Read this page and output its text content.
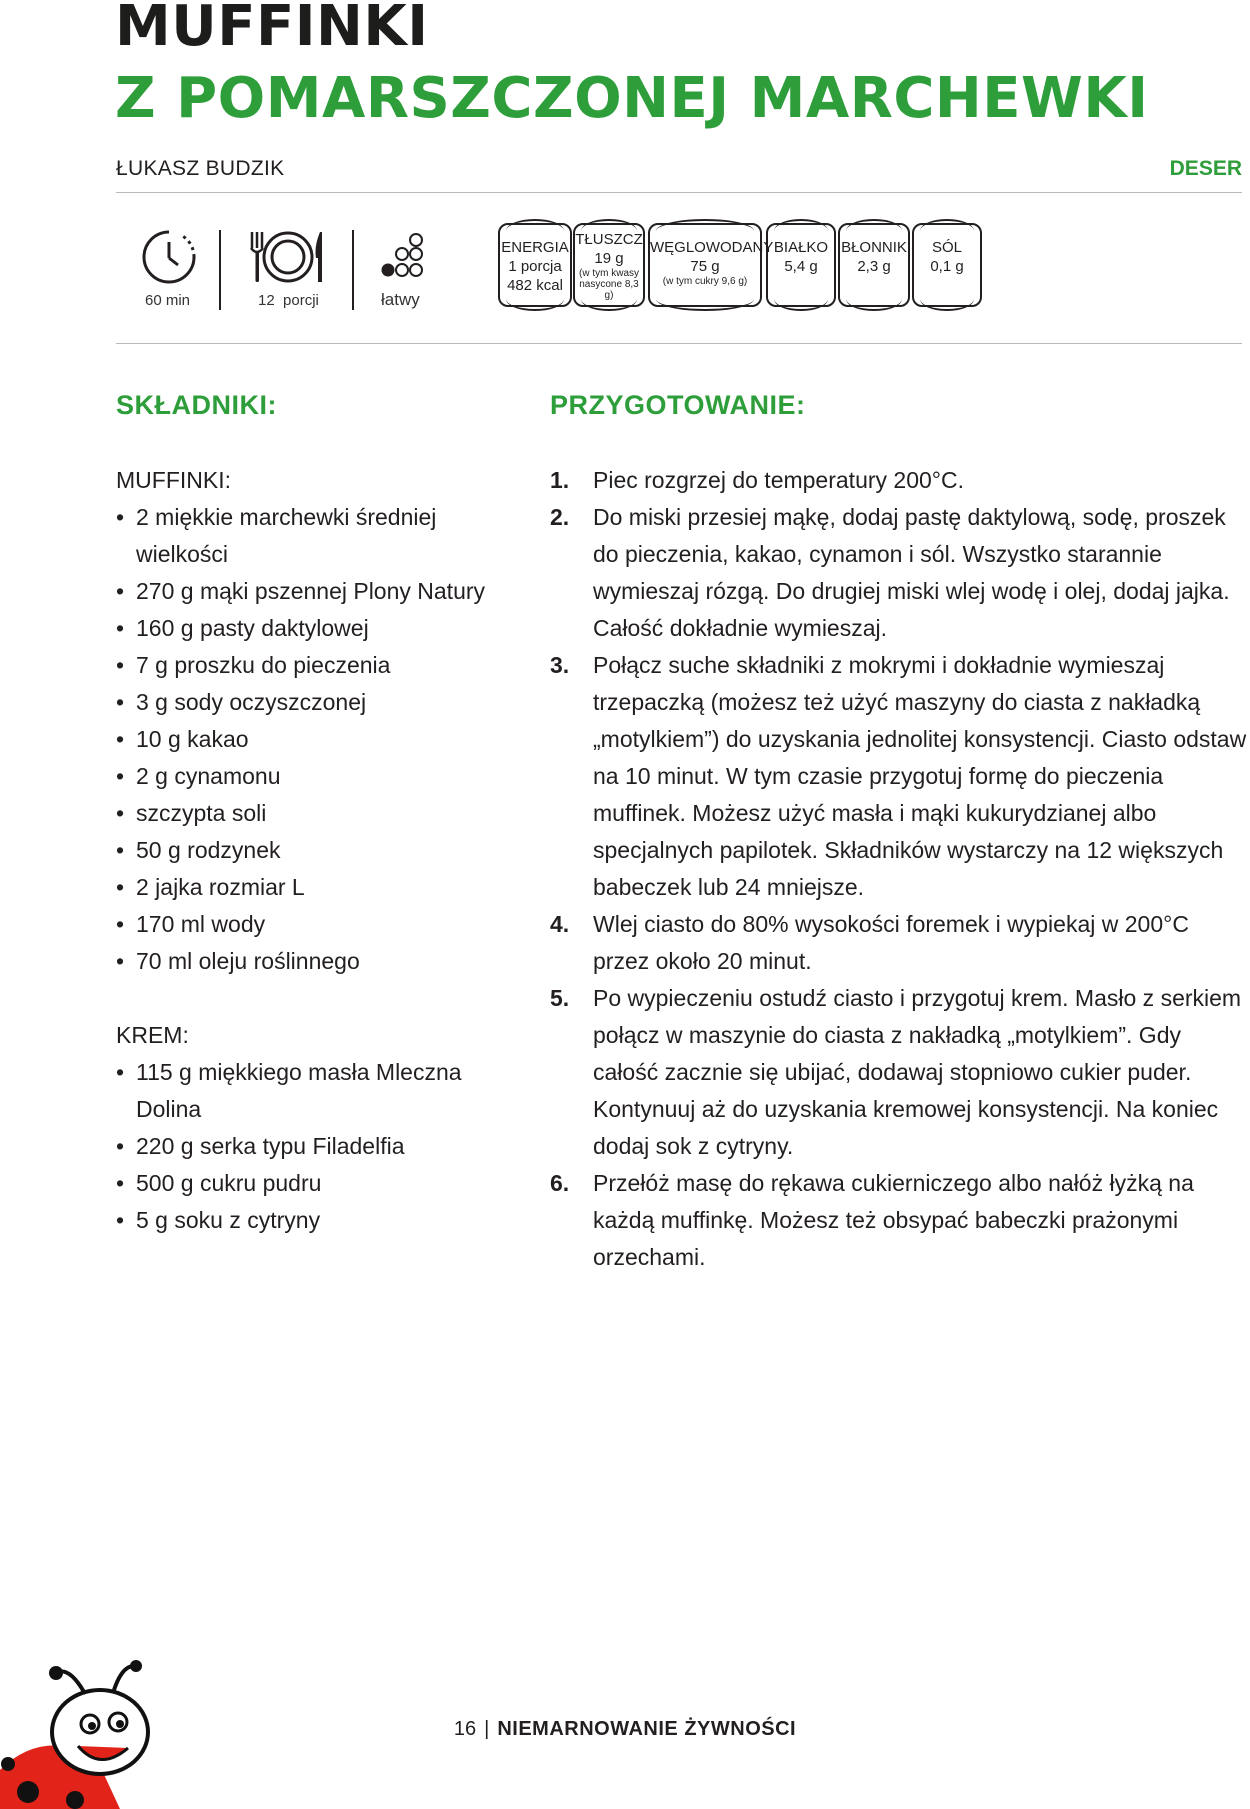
MUFFINKI
Z POMARSZCZONEJ MARCHEWKI
ŁUKASZ BUDZIK	DESER
60 min	12  porcji	łatwy
ENERGIA
1 porcja
482 kcal
TŁUSZCZ
19 g
(w tym kwasy nasycone 8,3 g)
WĘGLOWODANY
75 g
(w tym cukry 9,6 g)
BIAŁKO
5,4 g
BŁONNIK
2,3 g
SÓL
0,1 g
SKŁADNIKI:	PRZYGOTOWANIE:
MUFFINKI:
• 2 miękkie marchewki średniej wielkości
• 270 g mąki pszennej Plony Natury
• 160 g pasty daktylowej
• 7 g proszku do pieczenia
• 3 g sody oczyszczonej
• 10 g kakao
• 2 g cynamonu
• szczypta soli
• 50 g rodzynek
• 2 jajka rozmiar L
• 170 ml wody
• 70 ml oleju roślinnego
KREM:
• 115 g miękkiego masła Mleczna Dolina
• 220 g serka typu Filadelfia
• 500 g cukru pudru
• 5 g soku z cytryny
1. Piec rozgrzej do temperatury 200°C.
2. Do miski przesiej mąkę, dodaj pastę daktylową, sodę, proszek do pieczenia, kakao, cynamon i sól. Wszystko starannie wymieszaj rózgą. Do drugiej miski wlej wodę i olej, dodaj jajka. Całość dokładnie wymieszaj.
3. Połącz suche składniki z mokrymi i dokładnie wymieszaj trzepaczką (możesz też użyć maszyny do ciasta z nakładką „motylkiem”) do uzyskania jednolitej konsystencji. Ciasto odstaw na 10 minut. W tym czasie przygotuj formę do pieczenia muffinek. Możesz użyć masła i mąki kukurydzianej albo specjalnych papilotek. Składników wystarczy na 12 większych babeczek lub 24 mniejsze.
4. Wlej ciasto do 80% wysokości foremek i wypiekaj w 200°C przez około 20 minut.
5. Po wypieczeniu ostudź ciasto i przygotuj krem. Masło z serkiem połącz w maszynie do ciasta z nakładką „motylkiem”. Gdy całość zacznie się ubijać, dodawaj stopniowo cukier puder. Kontynuuj aż do uzyskania kremowej konsystencji. Na koniec dodaj sok z cytryny.
6. Przełóż masę do rękawa cukierniczego albo nałóż łyżką na każdą muffinkę. Możesz też obsypać babeczki prażonymi orzechami.
16 | NIEMARNOWANIE ŻYWNOŚCI
